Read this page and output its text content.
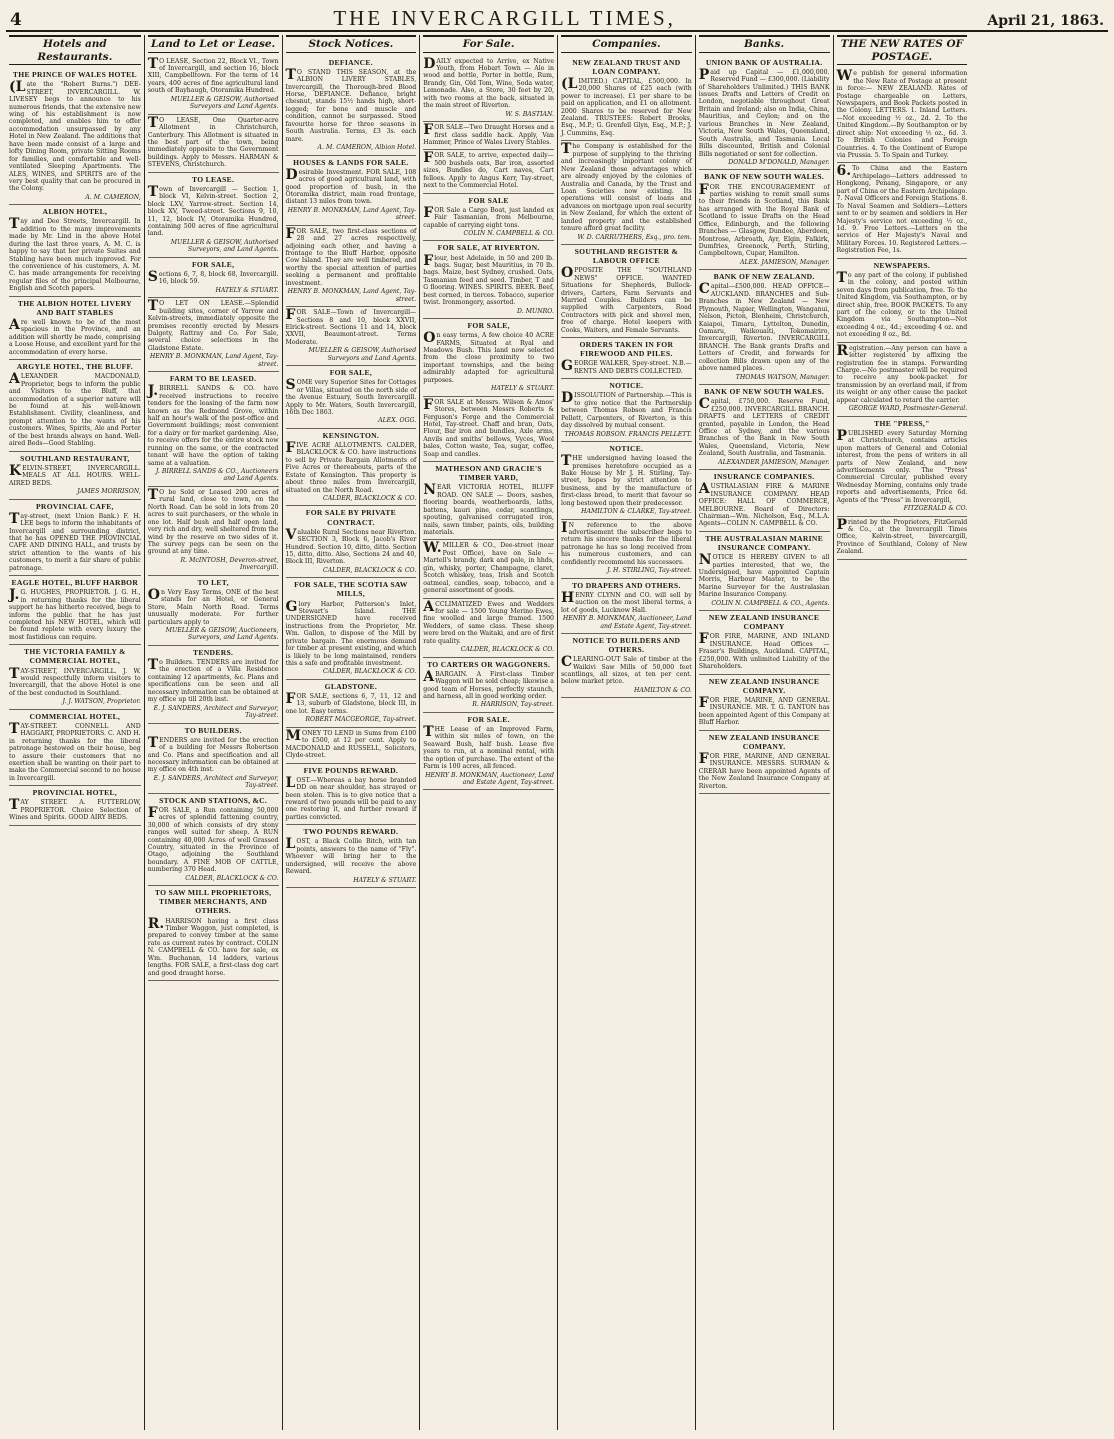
4	THE INVERCARGILL TIMES,	April 21, 1863.
Hotels and Restaurants.
THE PRINCE OF WALES HOTEL

(Late the "Robert Burns.") DEE-STREET, INVERCARGILL. W. LIVESEY begs to announce to his numerous friends, that the extensive new wing of his establishment is now completed, and enables him to offer accommodation unsurpassed by any Hotel in New Zealand. The additions that have been made consist of a large and lofty Dining Room, private Sitting Rooms for families, and comfortable and well-ventilated Sleeping Apartments. The ALES, WINES, and SPIRITS are of the very best quality that can be procured in the Colony.

A. M. CAMERON,
ALBION HOTEL,

Tay and Dee Streets, Invercargill. In addition to the many improvements made by Mr. Lind in the above Hotel during the last three years, A. M. C. is happy to say that her private Suites and Stabling have been much improved. For the convenience of his customers, A. M. C. has made arrangements for receiving regular files of the principal Melbourne, English and Scotch papers.

THE ALBION HOTEL LIVERY AND BAIT STABLES

Are well known to be of the most spacious in the Province, and an addition will shortly be made, comprising a Loose House, and excellent yard for the accommodation of every horse.

ARGYLE HOTEL, THE BLUFF.

ALEXANDER MACDONALD, Proprietor, begs to inform the public and Visitors to the Bluff, that accommodation of a superior nature will be found at his well-known Establishment. Civility, cleanliness, and prompt attention to the wants of his customers. Wines, Spirits, Ale and Porter of the best brands always on hand. Well-aired Beds—Good Stabling.

SOUTHLAND RESTAURANT,

KELVIN-STREET, INVERCARGILL. MEALS AT ALL HOURS. WELL-AIRED BEDS.

JAMES MORRISON,
PROVINCIAL CAFE,

Tay-street, (next Union Bank.) F. H. LEE begs to inform the inhabitants of Invercargill and surrounding district, that he has OPENED THE PROVINCIAL CAFE AND DINING HALL, and trusts by strict attention to the wants of his customers, to merit a fair share of public patronage.

EAGLE HOTEL, BLUFF HARBOR

J.G. HUGHES, PROPRIETOR. J. G. H., in returning thanks for the liberal support he has hitherto received, begs to inform the public that he has just completed his NEW HOTEL, which will be found replete with every luxury the most fastidious can require.

THE VICTORIA FAMILY & COMMERCIAL HOTEL,

TAY-STREET, INVERCARGILL. J. W. would respectfully inform visitors to Invercargill, that the above Hotel is one of the best conducted in Southland.

J. J. WATSON, Proprietor.
COMMERCIAL HOTEL,

TAY-STREET. CONNELL AND HAGGART, PROPRIETORS. C. AND H. in returning thanks for the liberal patronage bestowed on their house, beg to assure their customers that no exertion shall be wanting on their part to make the Commercial second to no house in Invercargill.

PROVINCIAL HOTEL,

TAY STREET. A. FUTTERLOW, PROPRIETOR. Choice Selection of Wines and Spirits. GOOD AIRY BEDS.

Land to Let or Lease.

TO LEASE, Section 22, Block VI., Town of Invercargill, and section 16, block XIII, Campbelltown. For the term of 14 years, 400 acres of fine agricultural land south of Bayhaugh, Otoramika Hundred.

MUELLER & GEISOW, Authorised Surveyors and Land Agents.

TO LEASE, One Quarter-acre Allotment in Christchurch, Canterbury. This Allotment is situated in the best part of the town, being immediately opposite to the Government buildings. Apply to Messrs. HARMAN & STEVENS, Christchurch.

TO LEASE.

Town of Invercargill — Section 1, block VI, Kelvin-street. Section 2, block LXV, Yarrow-street. Section 14, block XV, Tweed-street. Sections 9, 10, 11, 12, block IV, Otoramika Hundred, containing 500 acres of fine agricultural land.

MUELLER & GEISOW, Authorised Surveyors, and Land Agents.
FOR SALE,

Sections 6, 7, 8, block 68, Invercargill. 16, block 59.

HATELY & STUART.

TO LET ON LEASE.—Splendid building sites, corner of Yarrow and Kelvin-streets, immediately opposite the premises recently erected by Messrs Dalgety, Rattray and Co. For Sale, several choice selections in the Gladstone Estate.

HENRY B. MONKMAN, Land Agent, Tay-street.
FARM TO BE LEASED.

J.BIRRELL SANDS & CO. have received instructions to receive tenders for the leasing of the farm now known as the Redmond Grove, within half an hour's walk of the post-office and Government buildings; most convenient for a dairy or for market gardening. Also, to receive offers for the entire stock now running on the same, or the contracted tenant will have the option of taking same at a valuation.

J. BIRRELL SANDS & CO., Auctioneers and Land Agents.

TO be Sold or Leased 200 acres of rural land, close to town, on the North Road. Can be sold in lots from 20 acres to suit purchasers, or the whole in one lot. Half bush and half open land, very rich and dry, well sheltered from the wind by the reserve on two sides of it. The survey pegs can be seen on the ground at any time.

R. McINTOSH, Deveron-street, Invercargill.
TO LET,

On Very Easy Terms, ONE of the best stands for an Hotel, or General Store, Main North Road. Terms unusually moderate. For further particulars apply to

MUELLER & GEISOW, Auctioneers, Surveyors, and Land Agents.
TENDERS.

To Builders. TENDERS are invited for the erection of a Villa Residence containing 12 apartments, &c. Plans and specifications can be seen and all necessary information can be obtained at my office up till 20th inst.

E. J. SANDERS, Architect and Surveyor, Tay-street.
TO BUILDERS.

TENDERS are invited for the erection of a building for Messrs Robertson and Co. Plans and specification and all necessary information can be obtained at my office on 4th inst.

E. J. SANDERS, Architect and Surveyor, Tay-street.
STOCK AND STATIONS, &C.

FOR SALE, a Run containing 50,000 acres of splendid fattening country, 30,000 of which consists of dry stony ranges well suited for sheep. A RUN containing 40,000 Acres of well Grassed Country, situated in the Province of Otago, adjoining the Southland boundary. A FINE MOB OF CATTLE, numbering 370 Head.

CALDER, BLACKLOCK & CO.
TO SAW MILL PROPRIETORS, TIMBER MERCHANTS, AND OTHERS.

R.HARRISON having a first class Timber Waggon, just completed, is prepared to convey timber at the same rate as current rates by contract. COLIN N. CAMPBELL & CO. have for sale, ex Wm. Buchanan, 14 ladders, various lengths. FOR SALE, a first-class dog cart and good draught horse.

Stock Notices.
DEFIANCE.

TO STAND THIS SEASON, at the ALBION LIVERY STABLES, Invercargill, the Thorough-bred Blood Horse, DEFIANCE. Defiance, bright chesnut, stands 15½ hands high, short-legged; for bone and muscle and condition, cannot be surpassed. Stood favourite horse for three seasons in South Australia. Terms, £3 3s. each mare.

A. M. CAMERON, Albion Hotel.
HOUSES & LANDS FOR SALE.

Desirable Investment. FOR SALE, 108 acres of good agricultural land, with good proportion of bush, in the Otoramika district, main road frontage, distant 13 miles from town.

HENRY B. MONKMAN, Land Agent, Tay-street.

FOR SALE, two first-class sections of 28 and 27 acres respectively, adjoining each other, and having a frontage to the Bluff Harbor, opposite Cow Island. They are well timbered, and worthy the special attention of parties seeking a permanent and profitable investment.

HENRY B. MONKMAN, Land Agent, Tay-street.

FOR SALE—Town of Invercargill—Sections 8 and 10, block XXVII, Elrick-street. Sections 11 and 14, block XXVII, Beaumont-street. Terms Moderate.

MUELLER & GEISOW, Authorised Surveyors and Land Agents.
FOR SALE,

SOME very Superior Sites for Cottages or Villas, situated on the north side of the Avenue Estuary, South Invercargill. Apply to Mr. Waters, South Invercargill, 16th Dec 1863.

ALEX. OGG.
KENSINGTON.

FIVE ACRE ALLOTMENTS. CALDER, BLACKLOCK & CO. have instructions to sell by Private Bargain Allotments of Five Acres or thereabouts, parts of the Estate of Kensington. This property is about three miles from Invercargill, situated on the North Road.

CALDER, BLACKLOCK & CO.
FOR SALE BY PRIVATE CONTRACT.

Valuable Rural Sections near Riverton. SECTION 3, Block 6, Jacob's River Hundred. Section 10, ditto, ditto. Section 15, ditto, ditto. Also, Sections 24 and 40, Block III, Riverton.

CALDER, BLACKLOCK & CO.
FOR SALE, THE SCOTIA SAW MILLS,

Glory Harbor, Patterson's Inlet, Stewart's Island. THE UNDERSIGNED have received instructions from the Proprietor, Mr. Wm. Gallon, to dispose of the Mill by private bargain. The enormous demand for timber at present existing, and which is likely to be long maintained, renders this a safe and profitable investment.

CALDER, BLACKLOCK & CO.
GLADSTONE.

FOR SALE, sections 6, 7, 11, 12 and 13, suburb of Gladstone, block III, in one lot. Easy terms.

ROBERT MACGEORGE, Tay-street.

MONEY TO LEND in Sums from £100 to £500, at 12 per cent. Apply to MACDONALD and RUSSELL, Solicitors, Clyde-street.

FIVE POUNDS REWARD.

LOST.—Whereas a bay horse branded DD on near shoulder, has strayed or been stolen. This is to give notice that a reward of two pounds will be paid to any one restoring it, and further reward if parties convicted.

TWO POUNDS REWARD.

LOST, a Black Collie Bitch, with tan points, answers to the name of "Fly". Whoever will bring her to the undersigned, will receive the above Reward.

HATELY & STUART.
For Sale.

DAILY expected to Arrive, ex Native Youth, from Hobart Town — Ale in wood and bottle, Porter in bottle, Rum, Brandy, Gin, Old Tom, Wine, Soda water, Lemonade. Also, a Store, 30 feet by 20, with two rooms at the back, situated in the main street of Riverton.

W. S. BASTIAN.

FOR SALE—Two Draught Horses and a first class saddle hack. Apply, Van Hammer, Prince of Wales Livery Stables.

FOR SALE, to arrive, expected daily—500 bushels oats, Bar iron, assorted sizes, Bundles do, Cart naves, Cart felloes. Apply to Angus Kerr, Tay-street, next to the Commercial Hotel.

FOR SALE

FOR Sale a Cargo Boat, just landed ex Fair Tasmanian, from Melbourne, capable of carrying eight tons.

COLIN N. CAMPBELL & CO.
FOR SALE, AT RIVERTON.

Flour, best Adelaide, in 50 and 200 lb. bags. Sugar, best Mauritius, in 70 lb. bags. Maize, best Sydney, crushed. Oats, Tasmanian feed and seed. Timber, T and G flooring. WINES. SPIRITS. BEER. Beef, best corned, in tierces. Tobacco, superior twist. Ironmongery, assorted.

D. MUNRO.
FOR SALE,

On easy terms, A few choice 40 ACRE FARMS, Situated at Ryal and Meadows Bush. This land now selected from the close proximity to two important townships, and the being admirably adapted for agricultural purposes.

HATELY & STUART.

FOR SALE at Messrs. Wilson & Amos' Stores, between Messrs Roberts & Ferguson's Forge and the Commercial Hotel, Tay-street. Chaff and bran, Oats, Flour, Bar iron and bundles, Axle arms, Anvils and smiths' bellows, Vyces, Wool bales, Cotton waste, Tea, sugar, coffee, Soap and candles.

MATHESON AND GRACIE'S TIMBER YARD,

NEAR VICTORIA HOTEL, BLUFF ROAD. ON SALE — Doors, sashes, flooring boards, weatherboards, laths, battens, kauri pine, cedar, scantlings, spouting, galvanised corrugated iron, nails, sawn timber, paints, oils, building materials.

W.MILLER & CO., Dee-street (near Post Office), have on Sale — Martell's brandy, dark and pale, in hhds, gin, whisky, porter, Champagne, claret, Scotch whiskey, teas, Irish and Scotch oatmeal, candles, soap, tobacco, and a general assortment of goods.

ACCLIMATIZED Ewes and Wedders for sale — 1500 Young Merino Ewes, fine woolled and large framed. 1500 Wedders, of same class. These sheep were bred on the Waitaki, and are of first rate quality.

CALDER, BLACKLOCK & CO.
TO CARTERS OR WAGGONERS.

ABARGAIN. A First-class Timber Waggon will be sold cheap; likewise a good team of Horses, perfectly staunch, and harness, all in good working order.

R. HARRISON, Tay-street.
FOR SALE.

THE Lease of an Improved Farm, within six miles of town, on the Seaward Bush, half bush. Lease five years to run, at a nominal rental, with the option of purchase. The extent of the Farm is 100 acres, all fenced.

HENRY B. MONKMAN, Auctioneer, Land and Estate Agent, Tay-street.
Companies.
NEW ZEALAND TRUST AND LOAN COMPANY.

(LIMITED.) CAPITAL, £500,000. In 20,000 Shares of £25 each (with power to increase). £1 per share to be paid on application, and £1 on allotment. 2000 Shares to be reserved for New Zealand. TRUSTEES: Robert Brooks, Esq., M.P.; G. Grenfell Glyn, Esq., M.P.; J. J. Cummins, Esq.

The Company is established for the purpose of supplying to the thriving and increasingly important colony of New Zealand those advantages which are already enjoyed by the colonies of Australia and Canada, by the Trust and Loan Societies now existing. Its operations will consist of loans and advances on mortgage upon real security in New Zealand, for which the extent of landed property and the established tenure afford great facility.

W. D. CARRUTHERS, Esq., pro. tem.
SOUTHLAND REGISTER & LABOUR OFFICE

OPPOSITE THE "SOUTHLAND NEWS" OFFICE. WANTED Situations for Shepherds, Bullock-drivers, Carters, Farm Servants and Married Couples. Builders can be supplied with Carpenters, Road Contractors with pick and shovel men, free of charge. Hotel keepers with Cooks, Waiters, and Female Servants.

ORDERS TAKEN IN FOR FIREWOOD AND PILES.

GEORGE WALKER, Spey-street. N.B.—RENTS AND DEBTS COLLECTED.

NOTICE.

DISSOLUTION of Partnership.—This is to give notice that the Partnership between Thomas Robson and Francis Pellett, Carpenters, of Riverton, is this day dissolved by mutual consent.

THOMAS ROBSON. FRANCIS PELLETT.
NOTICE.

THE undersigned having leased the premises heretofore occupied as a Bake House by Mr J. H. Stirling, Tay-street, hopes by strict attention to business, and by the manufacture of first-class bread, to merit that favour so long bestowed upon their predecessor.

HAMILTON & CLARKE, Tay-street.

IN reference to the above advertisement the subscriber begs to return his sincere thanks for the liberal patronage he has so long received from his numerous customers, and can confidently recommend his successors.

J. H. STIRLING, Tay-street.
TO DRAPERS AND OTHERS.

HENRY CLYNN and CO. will sell by auction on the most liberal terms, a lot of goods, Lucknow Hall.

HENRY B. MONKMAN, Auctioneer, Land and Estate Agent, Tay-street.
NOTICE TO BUILDERS AND OTHERS.

CLEARING-OUT Sale of timber at the Waikivi Saw Mills of 50,000 feet scantlings, all sizes, at ten per cent. below market price.

HAMILTON & CO.
Banks.
UNION BANK OF AUSTRALIA.

Paid up Capital — £1,000,000. Reserved Fund — £300,000. (Liability of Shareholders Unlimited.) THIS BANK issues Drafts and Letters of Credit on London, negotiable throughout Great Britain and Ireland; also on India, China, Mauritius, and Ceylon; and on the various Branches in New Zealand, Victoria, New South Wales, Queensland, South Australia, and Tasmania. Local Bills discounted, British and Colonial Bills negotiated or sent for collection.

DONALD M'DONALD, Manager.
BANK OF NEW SOUTH WALES.

FOR THE ENCOURAGEMENT of parties wishing to remit small sums to their friends in Scotland, this Bank has arranged with the Royal Bank of Scotland to issue Drafts on the Head Office, Edinburgh, and the following Branches — Glasgow, Dundee, Aberdeen, Montrose, Arbroath, Ayr, Elgin, Falkirk, Dumfries, Greenock, Perth, Stirling, Campbeltown, Cupar, Hamilton.

ALEX. JAMIESON, Manager.
BANK OF NEW ZEALAND.

Capital—£500,000. HEAD OFFICE—AUCKLAND. BRANCHES and Sub-Branches in New Zealand — New Plymouth, Napier, Wellington, Wanganui, Nelson, Picton, Blenheim, Christchurch, Kaiapoi, Timaru, Lyttelton, Dunedin, Oamaru, Waikouaiti, Tokomairiro, Invercargill, Riverton. INVERCARGILL BRANCH. The Bank grants Drafts and Letters of Credit, and forwards for collection Bills drawn upon any of the above named places.

THOMAS WATSON, Manager.
BANK OF NEW SOUTH WALES.

Capital, £750,000. Reserve Fund, £250,000. INVERCARGILL BRANCH. DRAFTS and LETTERS of CREDIT granted, payable in London, the Head Office at Sydney, and the various Branches of the Bank in New South Wales, Queensland, Victoria, New Zealand, South Australia, and Tasmania.

ALEXANDER JAMIESON, Manager.
INSURANCE COMPANIES.

AUSTRALASIAN FIRE & MARINE INSURANCE COMPANY. HEAD OFFICE: HALL OF COMMERCE, MELBOURNE. Board of Directors: Chairman—Wm. Nicholson, Esq., M.L.A. Agents—COLIN N. CAMPBELL & CO.

THE AUSTRALASIAN MARINE INSURANCE COMPANY.

NOTICE IS HEREBY GIVEN to all parties interested, that we, the Undersigned, have appointed Captain Morris, Harbour Master, to be the Marine Surveyor for the Australasian Marine Insurance Company.

COLIN N. CAMPBELL & CO., Agents.
NEW ZEALAND INSURANCE COMPANY

FOR FIRE, MARINE, AND INLAND INSURANCE. Head Offices — Fraser's Buildings, Auckland. CAPITAL, £250,000. With unlimited Liability of the Shareholders.

NEW ZEALAND INSURANCE COMPANY.

FOR FIRE, MARINE, AND GENERAL INSURANCE. MR. T. G. TANTON has been appointed Agent of this Company at Bluff Harbor.

NEW ZEALAND INSURANCE COMPANY.

FOR FIRE, MARINE, AND GENERAL INSURANCE. MESSRS. SURMAN & CRERAR have been appointed Agents of the New Zealand Insurance Company at Riverton.

THE NEW RATES OF POSTAGE.

We publish for general information the New Rate of Postage at present in force:— NEW ZEALAND. Rates of Postage chargeable on Letters, Newspapers, and Book Packets posted in the Colony. LETTERS. 1. Inland Letters.—Not exceeding ½ oz., 2d. 2. To the United Kingdom.—By Southampton or by direct ship: Not exceeding ½ oz., 6d. 3. To British Colonies and Foreign Countries. 4. To the Continent of Europe via Prussia. 5. To Spain and Turkey.

6.To China and the Eastern Archipelago—Letters addressed to Hongkong, Penang, Singapore, or any part of China or the Eastern Archipelago. 7. Naval Officers and Foreign Stations. 8. To Naval Seamen and Soldiers—Letters sent to or by seamen and soldiers in Her Majesty's service not exceeding ½ oz., 1d. 9. Free Letters.—Letters on the service of Her Majesty's Naval and Military Forces. 10. Registered Letters.—Registration Fee, 1s.

NEWSPAPERS.

To any part of the colony, if published in the colony, and posted within seven days from publication, free. To the United Kingdom, via Southampton, or by direct ship, free. BOOK PACKETS. To any part of the colony, or to the United Kingdom via Southampton—Not exceeding 4 oz., 4d.; exceeding 4 oz. and not exceeding 8 oz., 8d.

Registration.—Any person can have a letter registered by affixing the registration fee in stamps. Forwarding Charge.—No postmaster will be required to receive any book-packet for transmission by an overland mail, if from its weight or any other cause the packet appear calculated to retard the carrier.

GEORGE WARD, Postmaster-General.
THE "PRESS,"

PUBLISHED every Saturday Morning at Christchurch, contains articles upon matters of General and Colonial interest, from the pens of writers in all parts of New Zealand, and new advertisements only. The "Press" Commercial Circular, published every Wednesday Morning, contains only trade reports and advertisements, Price 6d. Agents of the "Press" in Invercargill,

FITZGERALD & CO.

Printed by the Proprietors, FitzGerald & Co., at the Invercargill Times Office, Kelvin-street, Invercargill, Province of Southland, Colony of New Zealand.
